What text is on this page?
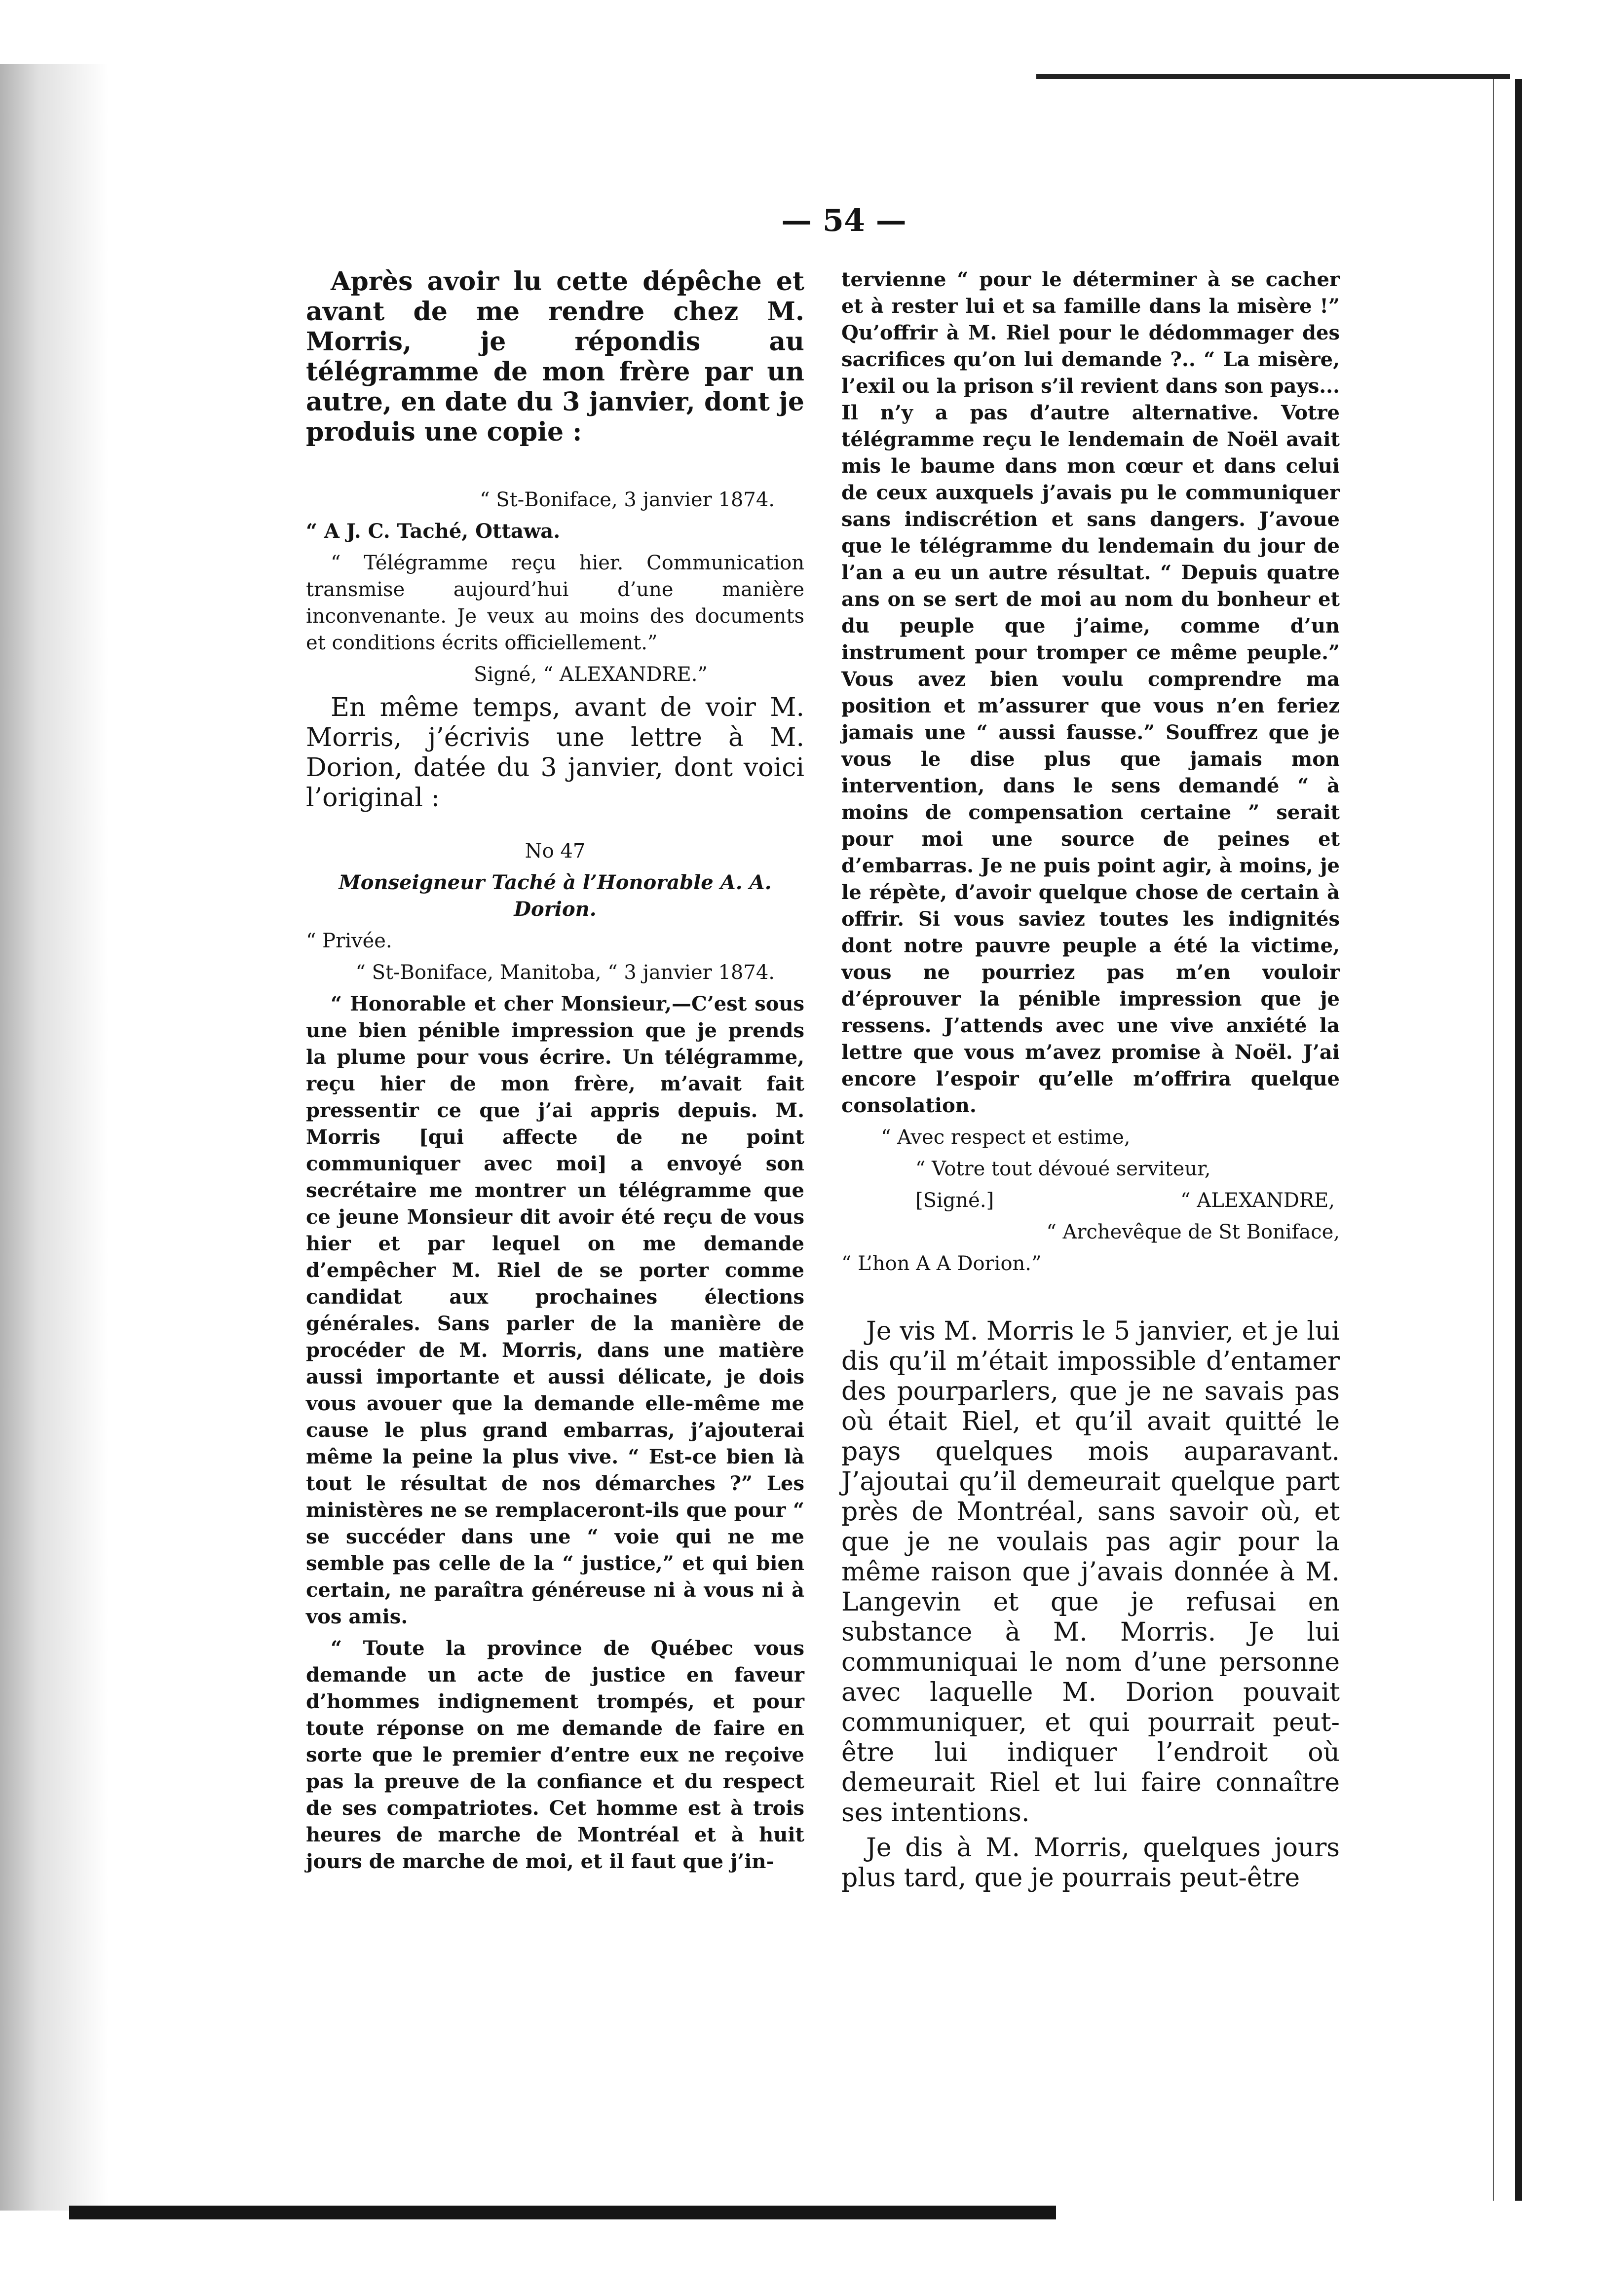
— 54 —

Après avoir lu cette dépêche et avant de me rendre chez M. Morris, je répondis au télégramme de mon frère par un autre, en date du 3 janvier, dont je produis une copie :

“ St-Boniface, 3 janvier 1874.

“ A J. C. Taché, Ottawa.

“ Télégramme reçu hier. Communication transmise aujourd’hui d’une manière inconvenante. Je veux au moins des documents et conditions écrits officiellement.”

Signé, “ ALEXANDRE.”

En même temps, avant de voir M. Morris, j’écrivis une lettre à M. Dorion, datée du 3 janvier, dont voici l’original :

No 47

Monseigneur Taché à l’Honorable A. A. Dorion.

“ Privée.

“ St-Boniface, Manitoba, “ 3 janvier 1874.

“ Honorable et cher Monsieur,—C’est sous une bien pénible impression que je prends la plume pour vous écrire. Un télégramme, reçu hier de mon frère, m’avait fait pressentir ce que j’ai appris depuis. M. Morris [qui affecte de ne point communiquer avec moi] a envoyé son secrétaire me montrer un télégramme que ce jeune Monsieur dit avoir été reçu de vous hier et par lequel on me demande d’empêcher M. Riel de se porter comme candidat aux prochaines élections générales. Sans parler de la manière de procéder de M. Morris, dans une matière aussi importante et aussi délicate, je dois vous avouer que la demande elle-même me cause le plus grand embarras, j’ajouterai même la peine la plus vive. “ Est-ce bien là tout le résultat de nos démarches ?” Les ministères ne se remplaceront-ils que pour “ se succéder dans une “ voie qui ne me semble pas celle de la “ justice,” et qui bien certain, ne paraîtra généreuse ni à vous ni à vos amis.

“ Toute la province de Québec vous demande un acte de justice en faveur d’hommes indignement trompés, et pour toute réponse on me demande de faire en sorte que le premier d’entre eux ne reçoive pas la preuve de la confiance et du respect de ses compatriotes. Cet homme est à trois heures de marche de Montréal et à huit jours de marche de moi, et il faut que j’in-

tervienne “ pour le déterminer à se cacher et à rester lui et sa famille dans la misère !” Qu’offrir à M. Riel pour le dédommager des sacrifices qu’on lui demande ?.. “ La misère, l’exil ou la prison s’il revient dans son pays... Il n’y a pas d’autre alternative. Votre télégramme reçu le lendemain de Noël avait mis le baume dans mon cœur et dans celui de ceux auxquels j’avais pu le communiquer sans indiscrétion et sans dangers. J’avoue que le télégramme du lendemain du jour de l’an a eu un autre résultat. “ Depuis quatre ans on se sert de moi au nom du bonheur et du peuple que j’aime, comme d’un instrument pour tromper ce même peuple.” Vous avez bien voulu comprendre ma position et m’assurer que vous n’en feriez jamais une “ aussi fausse.” Souffrez que je vous le dise plus que jamais mon intervention, dans le sens demandé “ à moins de compensation certaine ” serait pour moi une source de peines et d’embarras. Je ne puis point agir, à moins, je le répète, d’avoir quelque chose de certain à offrir. Si vous saviez toutes les indignités dont notre pauvre peuple a été la victime, vous ne pourriez pas m’en vouloir d’éprouver la pénible impression que je ressens. J’attends avec une vive anxiété la lettre que vous m’avez promise à Noël. J’ai encore l’espoir qu’elle m’offrira quelque consolation.

“ Avec respect et estime,

“ Votre tout dévoué serviteur,

[Signé.]	“ ALEXANDRE,

“ Archevêque de St Boniface,

“ L’hon A A Dorion.”

Je vis M. Morris le 5 janvier, et je lui dis qu’il m’était impossible d’entamer des pourparlers, que je ne savais pas où était Riel, et qu’il avait quitté le pays quelques mois auparavant. J’ajoutai qu’il demeurait quelque part près de Montréal, sans savoir où, et que je ne voulais pas agir pour la même raison que j’avais donnée à M. Langevin et que je refusai en substance à M. Morris. Je lui communiquai le nom d’une personne avec laquelle M. Dorion pouvait communiquer, et qui pourrait peut-être lui indiquer l’endroit où demeurait Riel et lui faire connaître ses intentions.

Je dis à M. Morris, quelques jours plus tard, que je pourrais peut-être
